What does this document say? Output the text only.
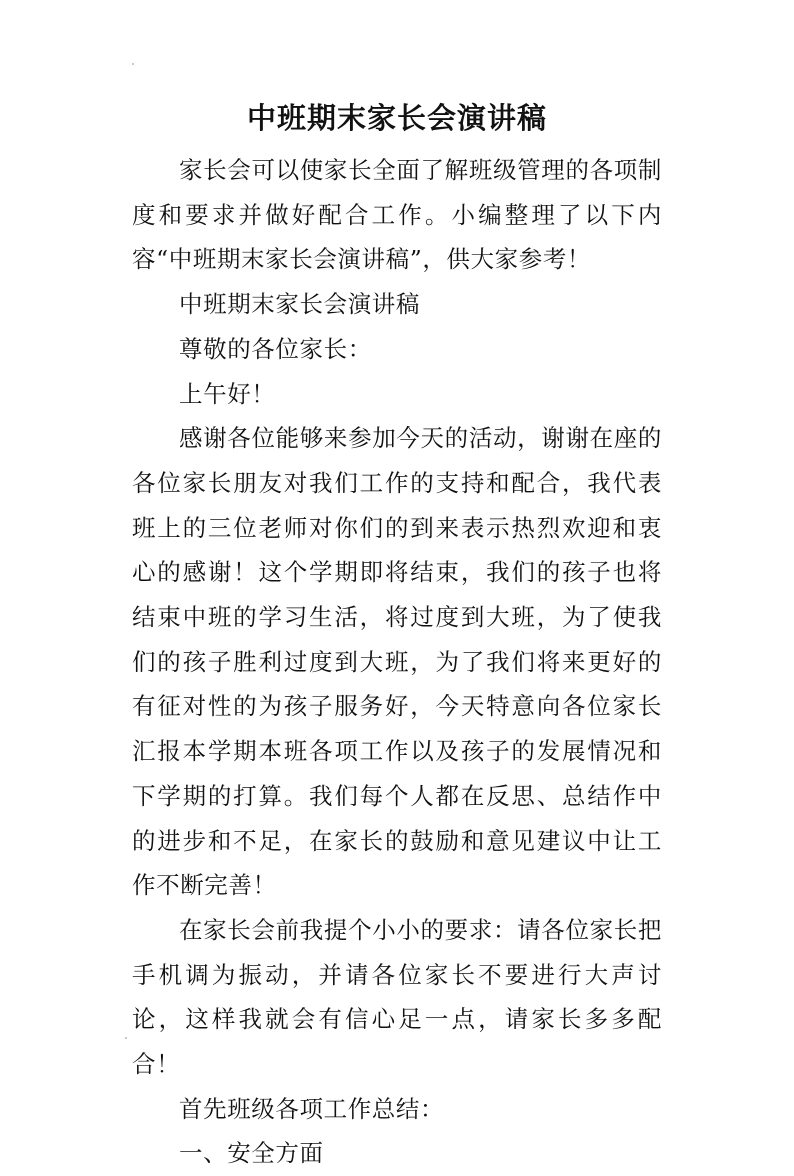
中班期末家长会演讲稿

家长会可以使家长全面了解班级管理的各项制度和要求并做好配合工作。小编整理了以下内容“中班期末家长会演讲稿”，供大家参考！

中班期末家长会演讲稿

尊敬的各位家长：

上午好！

感谢各位能够来参加今天的活动，谢谢在座的各位家长朋友对我们工作的支持和配合，我代表班上的三位老师对你们的到来表示热烈欢迎和衷心的感谢！这个学期即将结束，我们的孩子也将结束中班的学习生活，将过度到大班，为了使我们的孩子胜利过度到大班，为了我们将来更好的有征对性的为孩子服务好，今天特意向各位家长汇报本学期本班各项工作以及孩子的发展情况和下学期的打算。我们每个人都在反思、总结作中的进步和不足，在家长的鼓励和意见建议中让工作不断完善！

在家长会前我提个小小的要求：请各位家长把手机调为振动，并请各位家长不要进行大声讨论，这样我就会有信心足一点，请家长多多配合！

首先班级各项工作总结：

一、安全方面
